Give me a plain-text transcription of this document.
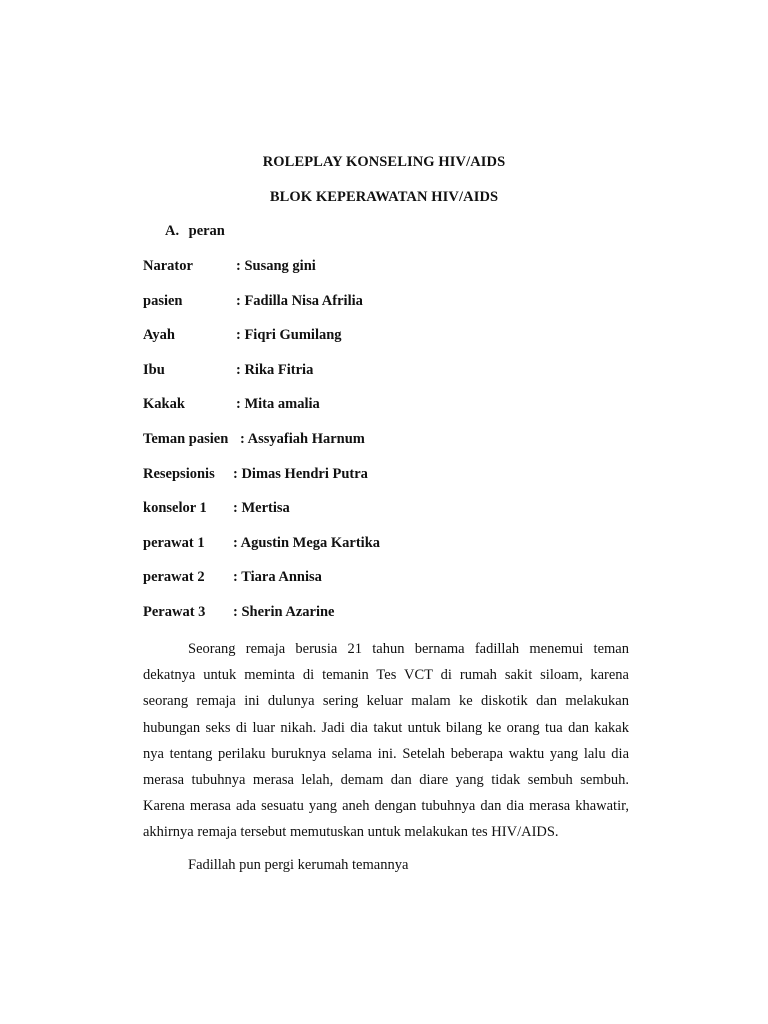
ROLEPLAY KONSELING HIV/AIDS
BLOK KEPERAWATAN HIV/AIDS
A. peran
Narator	: Susang gini
pasien	: Fadilla Nisa Afrilia
Ayah	: Fiqri Gumilang
Ibu	: Rika Fitria
Kakak	: Mita amalia
Teman pasien : Assyafiah Harnum
Resepsionis : Dimas Hendri Putra
konselor 1 : Mertisa
perawat 1 : Agustin Mega Kartika
perawat 2 : Tiara Annisa
Perawat 3 : Sherin Azarine

Seorang remaja berusia 21 tahun bernama fadillah menemui teman dekatnya untuk meminta di temanin Tes VCT di rumah sakit siloam, karena seorang remaja ini dulunya sering keluar malam ke diskotik dan melakukan hubungan seks di luar nikah. Jadi dia takut untuk bilang ke orang tua dan kakak nya tentang perilaku buruknya selama ini. Setelah beberapa waktu yang lalu dia merasa tubuhnya merasa lelah, demam dan diare yang tidak sembuh sembuh. Karena merasa ada sesuatu yang aneh dengan tubuhnya dan dia merasa khawatir, akhirnya remaja tersebut memutuskan untuk melakukan tes HIV/AIDS.

Fadillah pun pergi kerumah temannya
